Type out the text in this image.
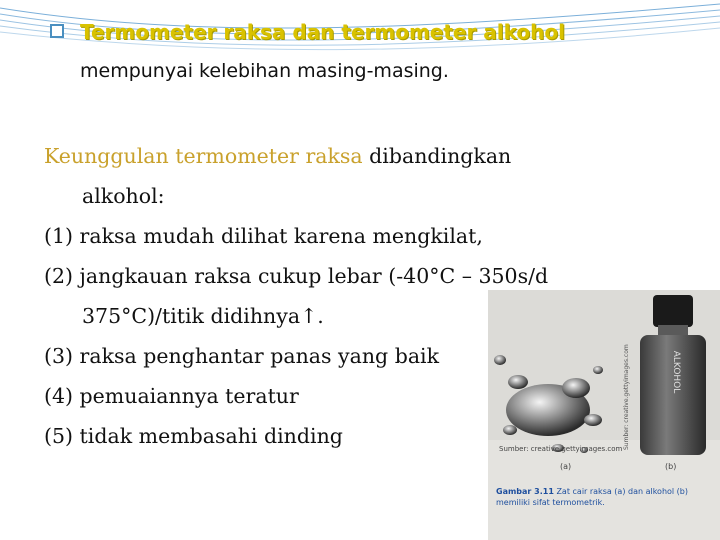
Termometer raksa dan termometer alkohol
mempunyai kelebihan masing-masing.
Keunggulan termometer raksa dibandingkan
alkohol:
(1) raksa mudah dilihat karena mengkilat,
(2) jangkauan raksa cukup lebar (-40°C – 350s/d
375°C)/titik didihnya↑.
(3) raksa penghantar panas yang baik
(4) pemuaiannya teratur
(5) tidak membasahi dinding
ALKOHOL
Sumber: creative.gettyimages.com
Sumber: creative.gettyimages.com
(a)	(b)
Gambar 3.11 Zat cair raksa (a) dan alkohol (b) memiliki sifat termometrik.
